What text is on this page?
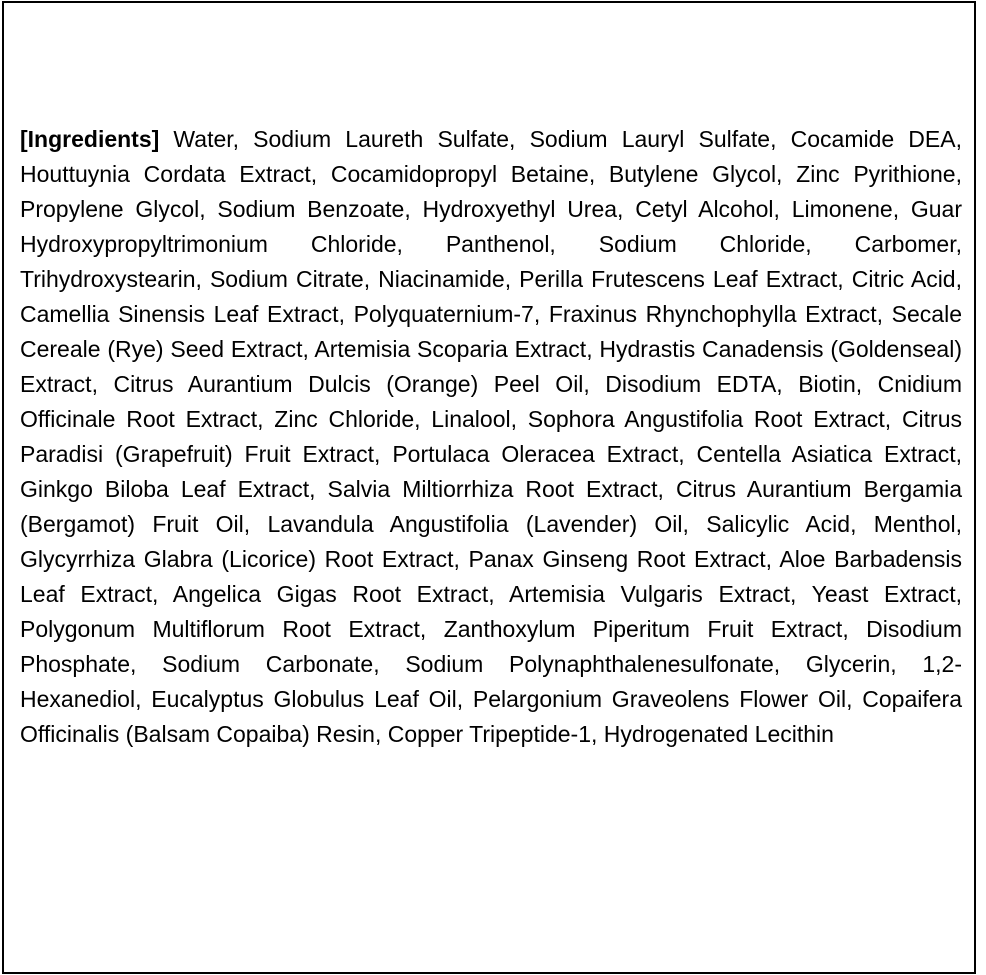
[Ingredients] Water, Sodium Laureth Sulfate, Sodium Lauryl Sulfate, Cocamide DEA, Houttuynia Cordata Extract, Cocamidopropyl Betaine, Butylene Glycol, Zinc Pyrithione, Propylene Glycol, Sodium Benzoate, Hydroxyethyl Urea, Cetyl Alcohol, Limonene, Guar Hydroxypropyltrimonium Chloride, Panthenol, Sodium Chloride, Carbomer, Trihydroxystearin, Sodium Citrate, Niacinamide, Perilla Frutescens Leaf Extract, Citric Acid, Camellia Sinensis Leaf Extract, Polyquaternium-7, Fraxinus Rhynchophylla Extract, Secale Cereale (Rye) Seed Extract, Artemisia Scoparia Extract, Hydrastis Canadensis (Goldenseal) Extract, Citrus Aurantium Dulcis (Orange) Peel Oil, Disodium EDTA, Biotin, Cnidium Officinale Root Extract, Zinc Chloride, Linalool, Sophora Angustifolia Root Extract, Citrus Paradisi (Grapefruit) Fruit Extract, Portulaca Oleracea Extract, Centella Asiatica Extract, Ginkgo Biloba Leaf Extract, Salvia Miltiorrhiza Root Extract, Citrus Aurantium Bergamia (Bergamot) Fruit Oil, Lavandula Angustifolia (Lavender) Oil, Salicylic Acid, Menthol, Glycyrrhiza Glabra (Licorice) Root Extract, Panax Ginseng Root Extract, Aloe Barbadensis Leaf Extract, Angelica Gigas Root Extract, Artemisia Vulgaris Extract, Yeast Extract, Polygonum Multiflorum Root Extract, Zanthoxylum Piperitum Fruit Extract, Disodium Phosphate, Sodium Carbonate, Sodium Polynaphthalenesulfonate, Glycerin, 1,2-Hexanediol, Eucalyptus Globulus Leaf Oil, Pelargonium Graveolens Flower Oil, Copaifera Officinalis (Balsam Copaiba) Resin, Copper Tripeptide-1, Hydrogenated Lecithin
